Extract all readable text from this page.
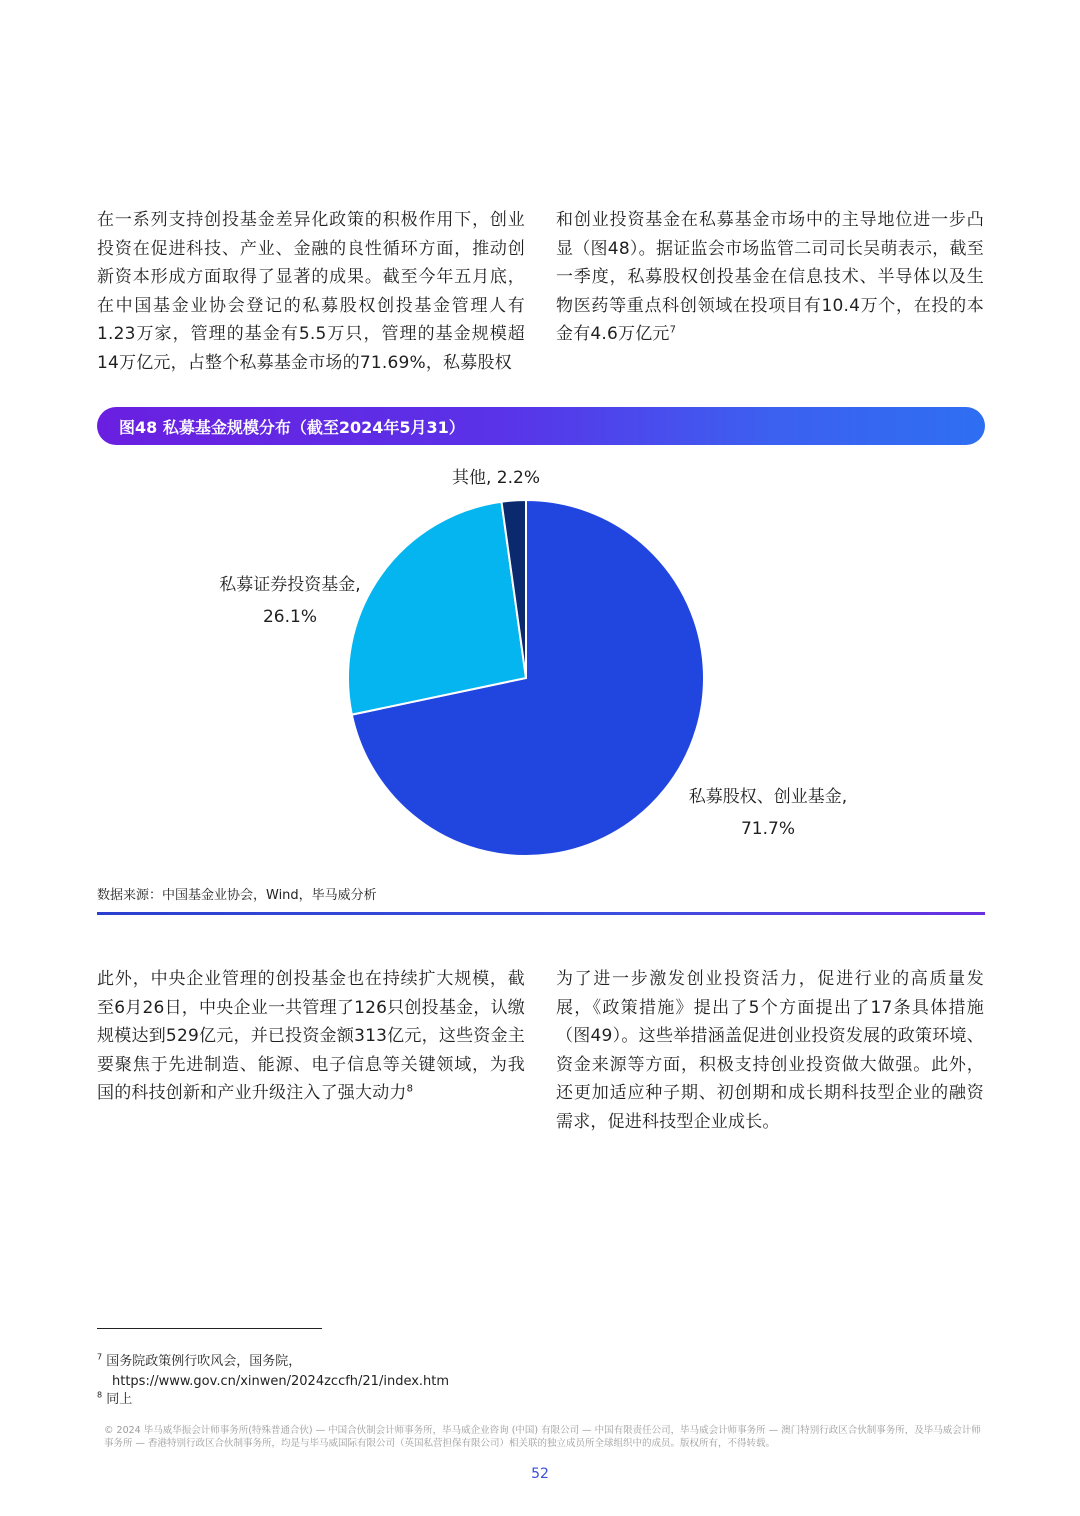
在一系列支持创投基金差异化政策的积极作用下，创业投资在促进科技、产业、金融的良性循环方面，推动创新资本形成方面取得了显著的成果。截至今年五月底，在中国基金业协会登记的私募股权创投基金管理人有1.23万家，管理的基金有5.5万只，管理的基金规模超14万亿元，占整个私募基金市场的71.69%，私募股权
和创业投资基金在私募基金市场中的主导地位进一步凸显（图48）。据证监会市场监管二司司长吴萌表示，截至一季度，私募股权创投基金在信息技术、半导体以及生物医药等重点科创领域在投项目有10.4万个，在投的本金有4.6万亿元$^7$
图48 私募基金规模分布（截至2024年5月31）
私募股权、创业基金,
71.7%
私募证券投资基金,
26.1%
其他, 2.2%
数据来源：中国基金业协会，Wind，毕马威分析
此外，中央企业管理的创投基金也在持续扩大规模，截至6月26日，中央企业一共管理了126只创投基金，认缴规模达到529亿元，并已投资金额313亿元，这些资金主要聚焦于先进制造、能源、电子信息等关键领域，为我国的科技创新和产业升级注入了强大动力$^8$
为了进一步激发创业投资活力，促进行业的高质量发展，《政策措施》提出了5个方面提出了17条具体措施（图49）。这些举措涵盖促进创业投资发展的政策环境、资金来源等方面，积极支持创业投资做大做强。此外，还更加适应种子期、初创期和成长期科技型企业的融资需求，促进科技型企业成长。
$^7$ 国务院政策例行吹风会，国务院，
https://www.gov.cn/xinwen/2024zccfh/21/index.htm
$^8$ 同上
© 2024 毕马威华振会计师事务所(特殊普通合伙) — 中国合伙制会计师事务所，毕马威企业咨询 (中国) 有限公司 — 中国有限责任公司，毕马威会计师事务所 — 澳门特别行政区合伙制事务所，及毕马威会计师事务所 — 香港特别行政区合伙制事务所，均是与毕马威国际有限公司（英国私营担保有限公司）相关联的独立成员所全球组织中的成员。版权所有，不得转载。
52
